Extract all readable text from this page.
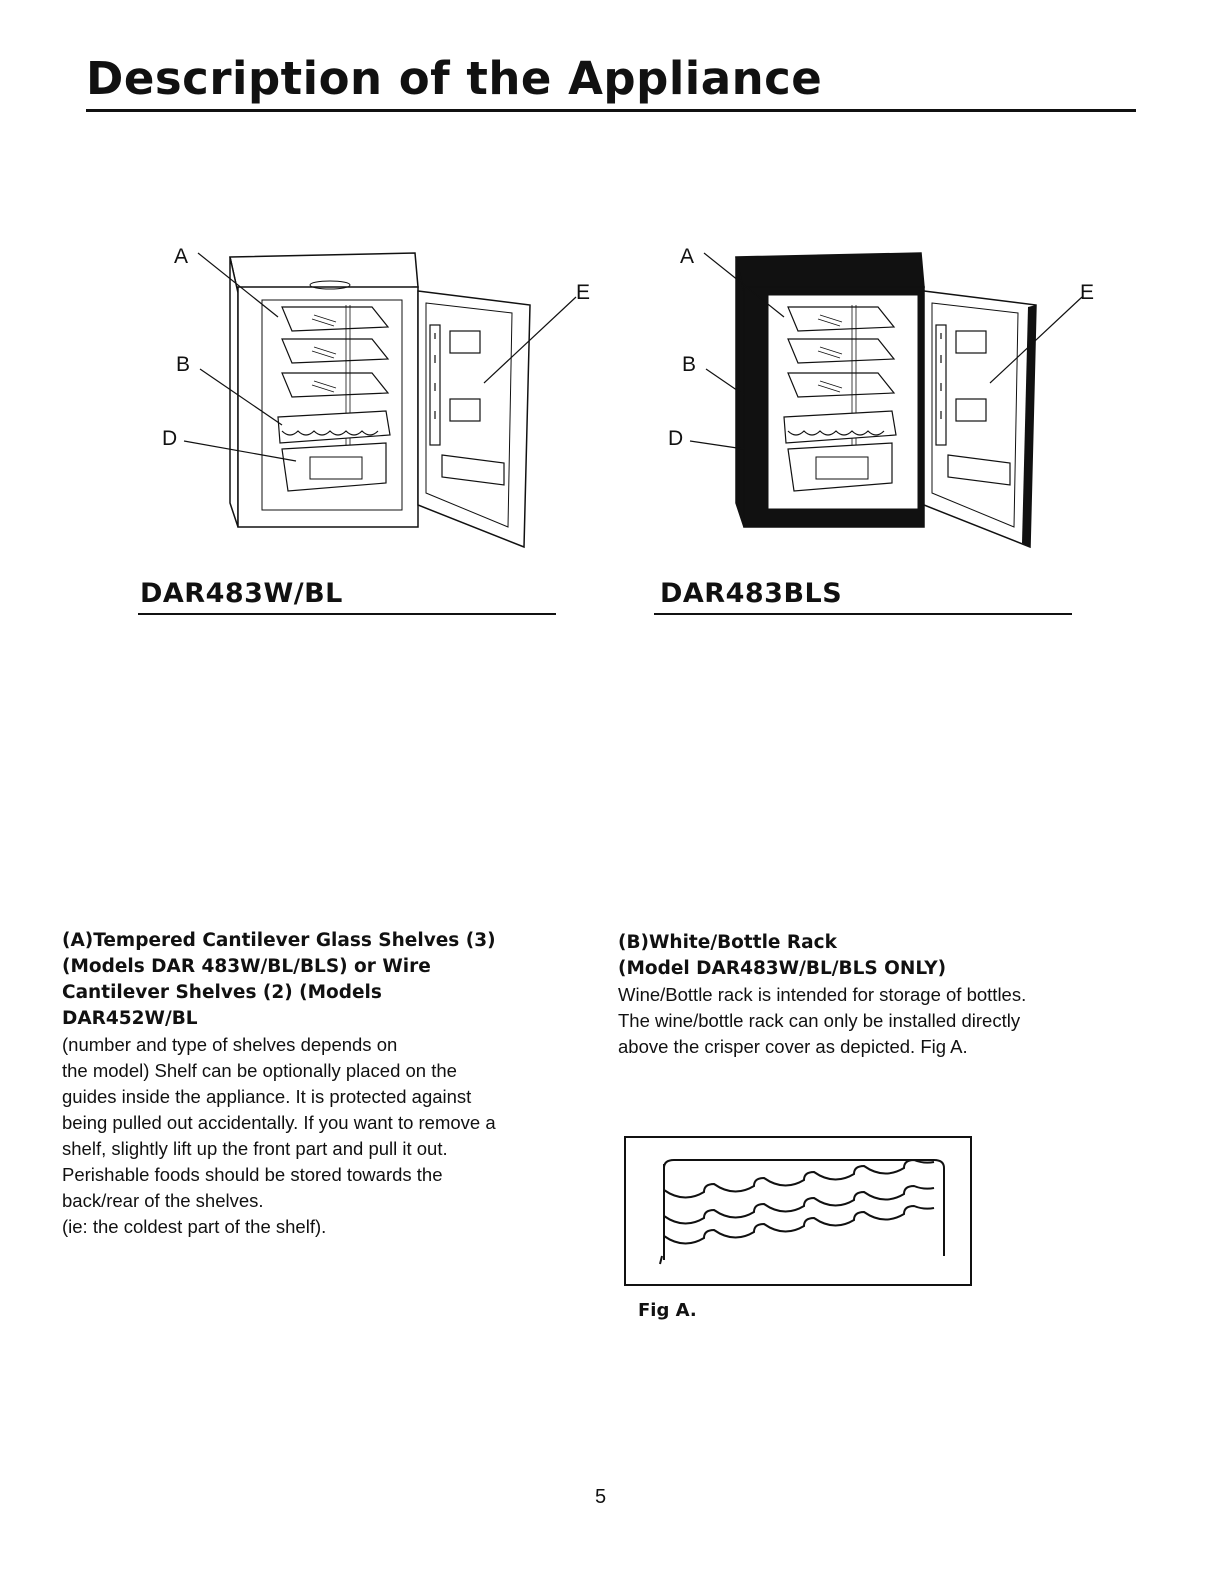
Description of the Appliance
A
B
D
E
A
B
D
E
DAR483W/BL	DAR483BLS

(A)Tempered Cantilever Glass Shelves (3)

(Models DAR 483W/BL/BLS) or Wire

Cantilever Shelves (2) (Models

DAR452W/BL

(number and type of shelves depends on

the model) Shelf can be optionally placed on the

guides inside the appliance. It is protected against

being pulled out accidentally. If you want to remove a

shelf, slightly lift up the front part and pull it out.

Perishable foods should be stored towards the

back/rear of the shelves.

(ie: the coldest part of the shelf).

(B)White/Bottle Rack

(Model DAR483W/BL/BLS ONLY)

Wine/Bottle rack is intended for storage of bottles.

The wine/bottle rack can only be installed directly

above the crisper cover as depicted. Fig A.

Fig A.
5
